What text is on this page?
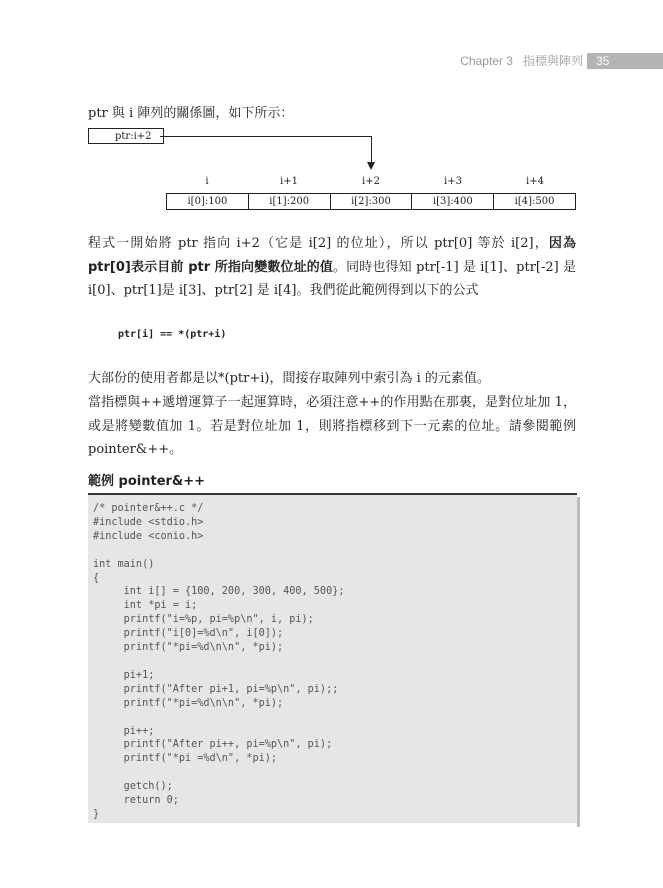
Chapter 3 指標與陣列 35
ptr 與 i 陣列的關係圖，如下所示：
ptr:i+2
i	i+1	i+2	i+3	i+4
i[0]:100	i[1]:200	i[2]:300	i[3]:400	i[4]:500
程式一開始將 ptr 指向 i+2（它是 i[2] 的位址），所以 ptr[0] 等於 i[2]，因為 ptr[0]表示目前 ptr 所指向變數位址的值。同時也得知 ptr[-1] 是 i[1]、ptr[-2] 是 i[0]、ptr[1]是 i[3]、ptr[2] 是 i[4]。我們從此範例得到以下的公式
ptr[i] == *(ptr+i)
大部份的使用者都是以*(ptr+i)，間接存取陣列中索引為 i 的元素值。
當指標與++遞增運算子一起運算時，必須注意++的作用點在那裏，是對位址加 1，或是將變數值加 1。若是對位址加 1，則將指標移到下一元素的位址。請參閱範例 pointer&++。
範例 pointer&++
/* pointer&++.c */
#include <stdio.h>
#include <conio.h>

int main()
{
int i[] = {100, 200, 300, 400, 500};
int *pi = i;
printf("i=%p, pi=%p\n", i, pi);
printf("i[0]=%d\n", i[0]);
printf("*pi=%d\n\n", *pi);

pi+1;
printf("After pi+1, pi=%p\n", pi);;
printf("*pi=%d\n\n", *pi);

pi++;
printf("After pi++, pi=%p\n", pi);
printf("*pi =%d\n", *pi);

getch();
return 0;
}
